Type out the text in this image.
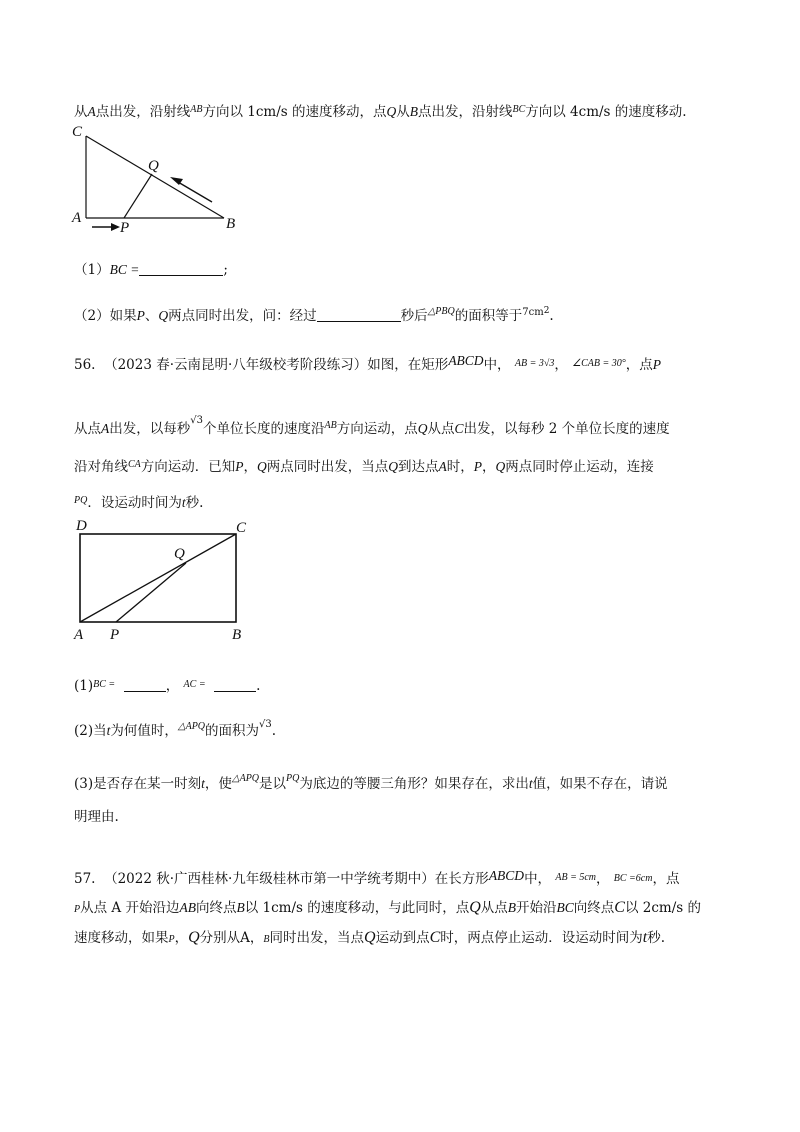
从A点出发，沿射线$^{AB}$方向以 1cm/s 的速度移动，点Q从B点出发，沿射线$^{BC}$方向以 4cm/s 的速度移动.
C
Q
A
P	B
（1）BC =	;
（2）如果P、Q两点同时出发，问：经过	秒后$^{\triangle PBQ}$的面积等于$^{7cm2}$.
56. （2023 春·云南昆明·八年级校考阶段练习）如图，在矩形ABCD中， $^{AB = 3√3}$， $^{\angle CAB = 30^\circ}$，点P
从点A出发，以每秒$^{√3}$个单位长度的速度沿$^{AB}$方向运动，点Q从点C出发，以每秒 2 个单位长度的速度
沿对角线$^{CA}$方向运动．已知P，Q两点同时出发，当点Q到达点A时，P，Q两点同时停止运动，连接
$^{PQ}$．设运动时间为t秒.
D	C
Q
A P	B
$(1)^{BC =}$	， $^{AC =}$	.
(2)当t为何值时，$^{\triangle APQ}$的面积为$^{√3}$.
(3)是否存在某一时刻t，使$^{\triangle APQ}$是以$^{PQ}$为底边的等腰三角形？如果存在，求出t值，如果不存在，请说
明理由.
57. （2022 秋·广西桂林·九年级桂林市第一中学统考期中）在长方形ABCD中， $^{AB = 5cm}$， BC =6cm，点
P从点 A 开始沿边AB向终点B以 1cm/s 的速度移动，与此同时，点Q从点B开始沿BC向终点C以 2cm/s 的
速度移动，如果P，Q分别从A，B同时出发，当点Q运动到点C时，两点停止运动．设运动时间为t秒.
